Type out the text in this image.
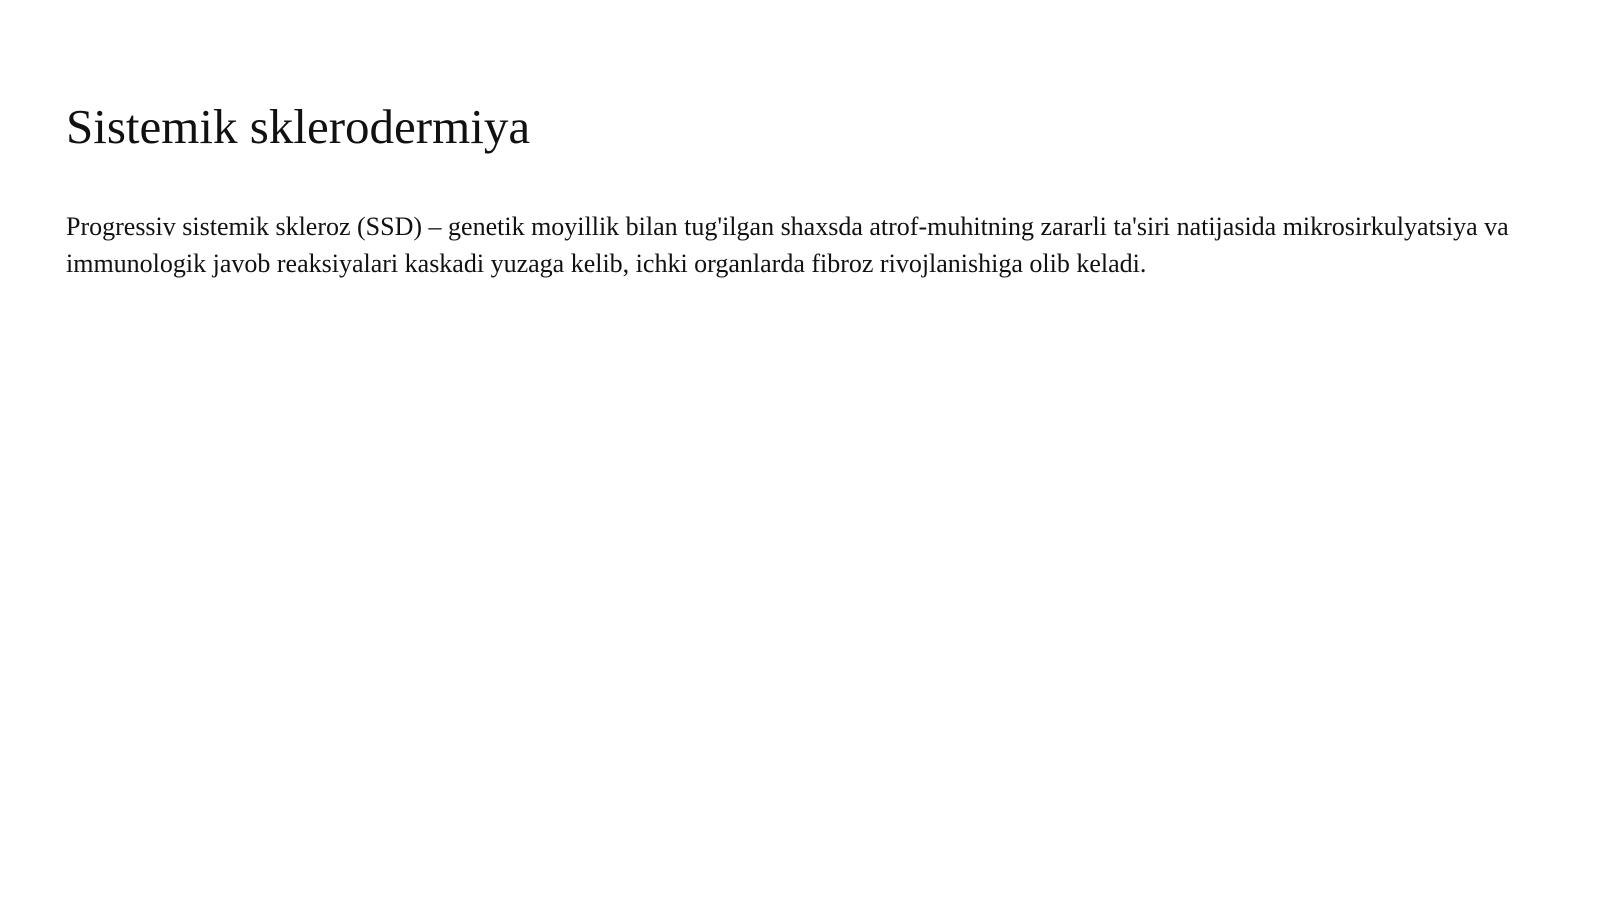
Sistemik sklerodermiya

Progressiv sistemik skleroz (SSD) – genetik moyillik bilan tug'ilgan shaxsda atrof-muhitning zararli ta'siri natijasida mikrosirkulyatsiya va immunologik javob reaksiyalari kaskadi yuzaga kelib, ichki organlarda fibroz rivojlanishiga olib keladi.
